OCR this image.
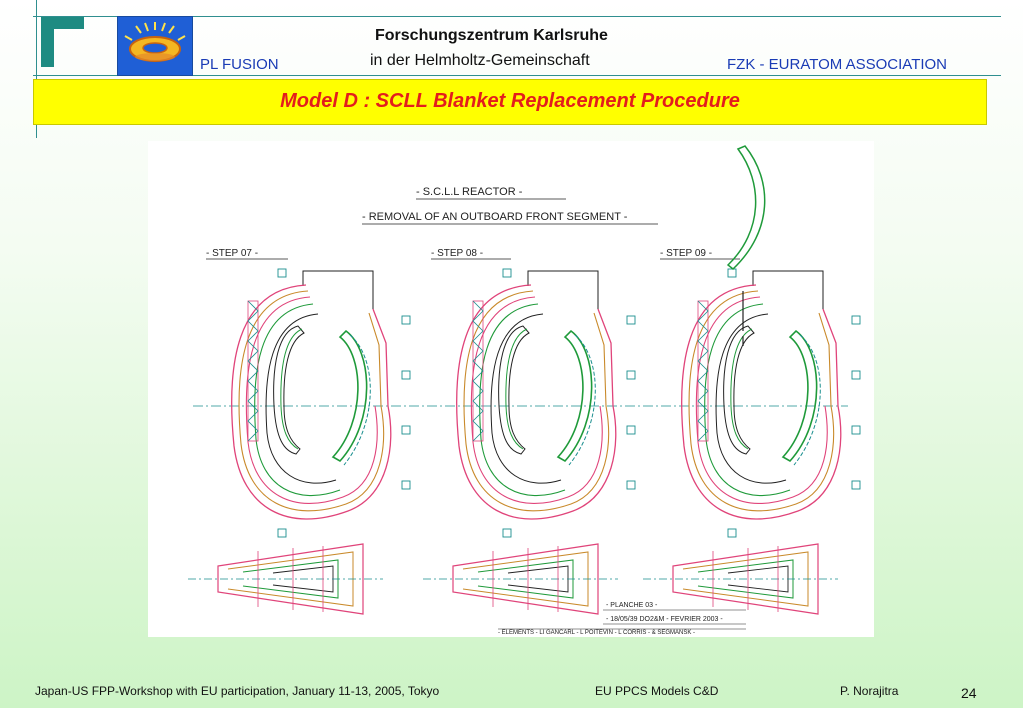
Forschungszentrum Karlsruhe
in der Helmholtz-Gemeinschaft
PL FUSION	FZK - EURATOM ASSOCIATION
Model D : SCLL Blanket Replacement Procedure
- S.C.L.L REACTOR -
- REMOVAL OF AN OUTBOARD FRONT SEGMENT -
- STEP 07 -	- STEP 08 -	- STEP 09 -
- PLANCHE 03 -
- 18/05/39 DO2&M - FEVRIER 2003 -
- ELEMENTS - LI GANCARL - L POITEVIN - L CORRIS - & SEGMANSK -
Japan-US FPP-Workshop with EU participation, January 11-13, 2005, Tokyo	EU PPCS Models C&D	P. Norajitra	24
